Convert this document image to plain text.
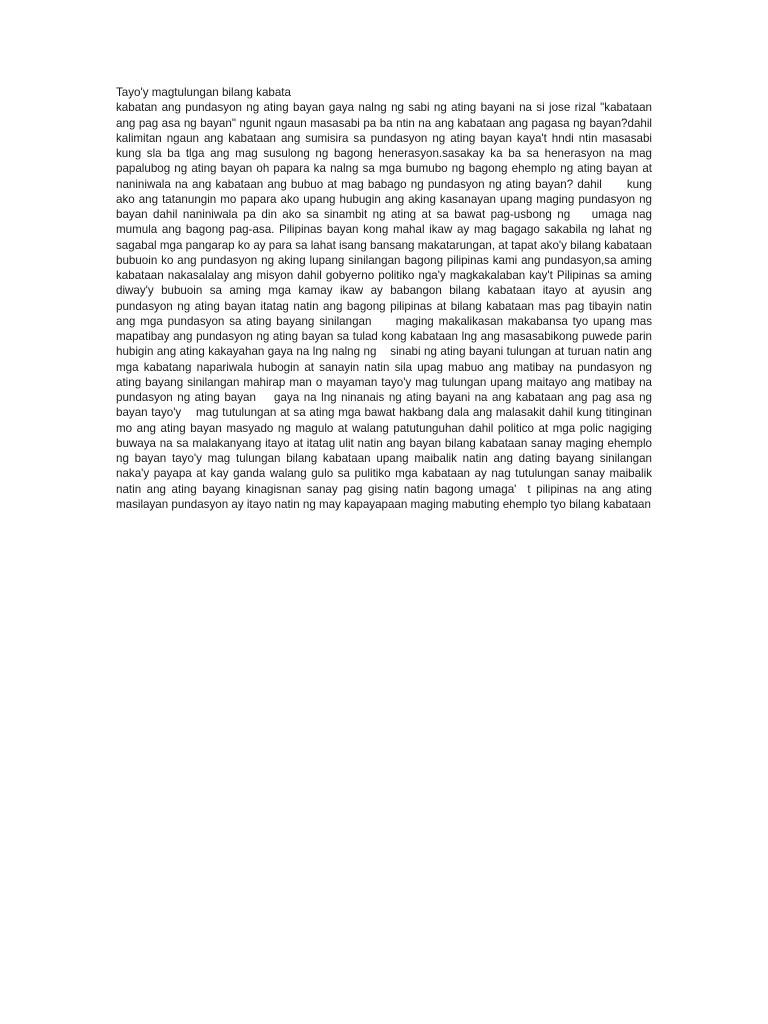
Tayo'y magtulungan bilang kabata

kabatan ang pundasyon ng ating bayan gaya nalng ng sabi ng ating bayani na si jose rizal "kabataan ang pag asa ng bayan" ngunit ngaun masasabi pa ba ntin na ang kabataan ang pagasa ng bayan?dahil kalimitan ngaun ang kabataan ang sumisira sa pundasyon ng ating bayan kaya't hndi ntin masasabi kung sla ba tlga ang mag susulong ng bagong henerasyon.sasakay ka ba sa henerasyon na mag papalubog ng ating bayan oh papara ka nalng sa mga bumubo ng bagong ehemplo ng ating bayan at naniniwala na ang kabataan ang bubuo at mag babago ng pundasyon ng ating bayan? dahil      kung ako ang tatanungin mo papara ako upang hubugin ang aking kasanayan upang maging pundasyon ng bayan dahil naniniwala pa din ako sa sinambit ng ating at sa bawat pag-usbong ng    umaga nag mumula ang bagong pag-asa. Pilipinas bayan kong mahal ikaw ay mag bagago sakabila ng lahat ng sagabal mga pangarap ko ay para sa lahat isang bansang makatarungan, at tapat ako'y bilang kabataan bubuoin ko ang pundasyon ng aking lupang sinilangan bagong pilipinas kami ang pundasyon,sa aming kabataan nakasalalay ang misyon dahil gobyerno politiko nga'y magkakalaban kay't Pilipinas sa aming diway'y bubuoin sa aming mga kamay ikaw ay babangon bilang kabataan itayo at ayusin ang pundasyon ng ating bayan itatag natin ang bagong pilipinas at bilang kabataan mas pag tibayin natin ang mga pundasyon sa ating bayang sinilangan     maging makalikasan makabansa tyo upang mas mapatibay ang pundasyon ng ating bayan sa tulad kong kabataan lng ang masasabikong puwede parin hubigin ang ating kakayahan gaya na lng nalng ng    sinabi ng ating bayani tulungan at turuan natin ang mga kabatang napariwala hubogin at sanayin natin sila upag mabuo ang matibay na pundasyon ng ating bayang sinilangan mahirap man o mayaman tayo'y mag tulungan upang maitayo ang matibay na pundasyon ng ating bayan    gaya na lng ninanais ng ating bayani na ang kabataan ang pag asa ng bayan tayo'y    mag tutulungan at sa ating mga bawat hakbang dala ang malasakit dahil kung titinginan mo ang ating bayan masyado ng magulo at walang patutunguhan dahil politico at mga polic nagiging buwaya na sa malakanyang itayo at itatag ulit natin ang bayan bilang kabataan sanay maging ehemplo ng bayan tayo'y mag tulungan bilang kabataan upang maibalik natin ang dating bayang sinilangan naka'y payapa at kay ganda walang gulo sa pulitiko mga kabataan ay nag tutulungan sanay maibalik natin ang ating bayang kinagisnan sanay pag gising natin bagong umaga'  t pilipinas na ang ating masilayan pundasyon ay itayo natin ng may kapayapaan maging mabuting ehemplo tyo bilang kabataan
